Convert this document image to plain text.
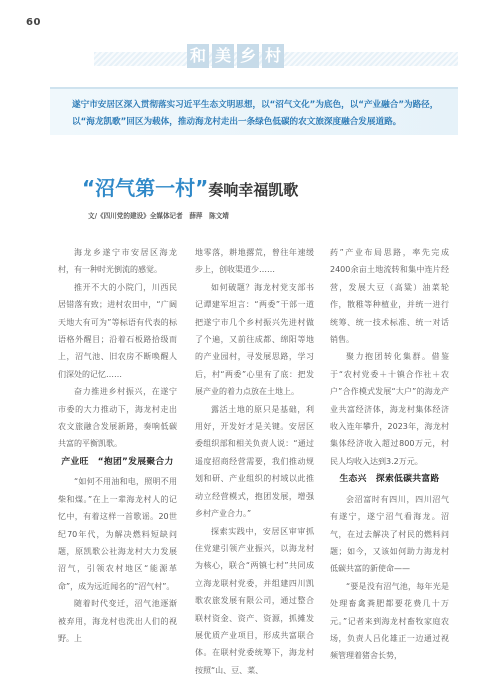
60
和 美 乡 村

遂宁市安居区深入贯彻落实习近平生态文明思想，以“沼气文化”为底色，以“产业融合”为路径，以“海龙凯歌”回区为载体，推动海龙村走出一条绿色低碳的农文旅深度融合发展道路。

“沼气第一村”奏响幸福凯歌
文/《四川党的建设》全媒体记者　薛萍　陈文靖

海龙乡遂宁市安居区海龙村，有一种时光倒流的感觉。

推开不大的小院门，川西民居错落有致；进村农田中，“广阔天地大有可为”等标语有代表的标语格外醒目；沿着石板路拾级而上，沼气池、旧农房不断唤醒人们深处的记忆……

奋力推进乡村振兴，在遂宁市委的大力推动下，海龙村走出农文旅融合发展新路，奏响低碳共富的平衡凯歌。

产业旺　“抱团”发展聚合力

“如何不用油和电，照明不用柴和煤。”在上一辈海龙村人的记忆中，有着这样一首歌谣。20世纪70年代，为解决燃料短缺问题，原凯歌公社海龙村大力发展沼气，引领农村地区“能源革命”，成为远近闻名的“沼气村”。

随着时代变迁，沼气池逐渐被弃用，海龙村也洗出人们的视野。上

地零落，耕地撂荒，曾往年速缓步上，创收渠道少……

如何破题？海龙村党支部书记谭建军坦言：“两委”干部一道把遂宁市几个乡村振兴先进村做了个遍，又前往成都、绵阳等地的产业园村，寻发展思路，学习后，村“两委”心里有了底：把发展产业的着力点放在土地上。

露活土地的原只是基础，利用好，开发好才是关键。安居区委组织部和相关负责人说：“通过遥度招商经营需要，我们推动规划和研、产业组织的村域以此推动立经营模式，抱团发展，增强乡村产业合力。”

探索实践中，安居区审审抓住党建引领产业振兴，以海龙村为核心，联合“两镇七村”共同成立海龙联村党委，并组建四川凯歌农旅发展有限公司，通过整合联村资金、资产、资源，抓摊发展优质产业项目，形成共富联合体。在联村党委统筹下，海龙村按照“山、豆、菜、

药”产业布局思路，率先完成2400余亩土地流转和集中连片经营，发展大豆（高粱）油菜轮作，散稚等种植业，并统一进行统筹、统一技术标准、统一对话销售。

聚力抱团转化集群。借鉴于“农村党委＋十镇合作社＋农户”合作模式发展“大户”的海龙产业共富经济体，海龙村集体经济收入连年攀升，2023年，海龙村集体经济收入超过800万元，村民人均收入达到3.2万元。

生态兴　探索低碳共富路

会沼富时有四川，四川沼气有遂宁，遂宁沼气看海龙。沼气，在过去解决了村民的燃料问题；如今，又该如何助力海龙村低碳共富的新使命——

“要是没有沼气池，每年光是处理畜禽粪肥都要花费几十万元。”记者来到海龙村畜牧家庭农场，负责人吕化雄正一边通过视频管理着猪舍长势，
